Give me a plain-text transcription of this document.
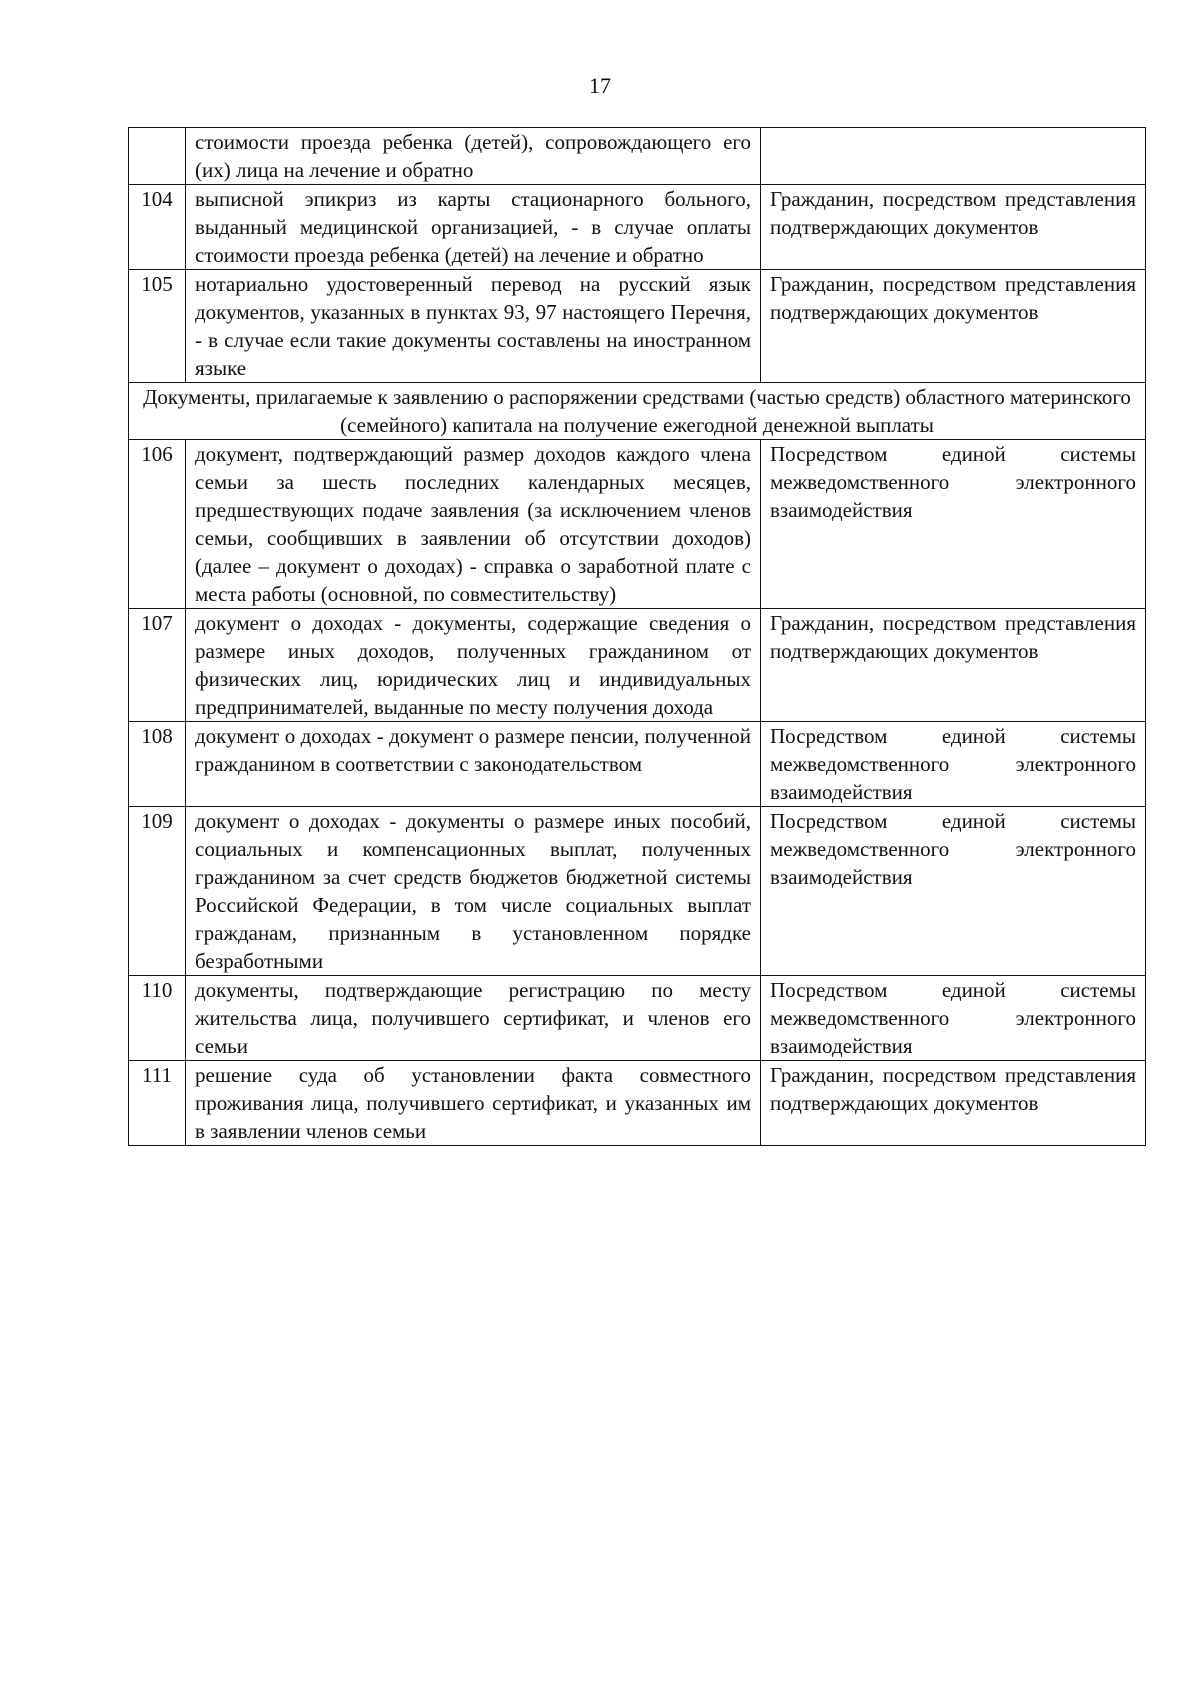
17
	стоимости проезда ребенка (детей), сопровождающего его (их) лица на лечение и обратно	
104	выписной эпикриз из карты стационарного больного, выданный медицинской организацией, - в случае оплаты стоимости проезда ребенка (детей) на лечение и обратно	Гражданин, посредством представления подтверждающих документов
105	нотариально удостоверенный перевод на русский язык документов, указанных в пунктах 93, 97 настоящего Перечня, - в случае если такие документы составлены на иностранном языке	Гражданин, посредством представления подтверждающих документов
Документы, прилагаемые к заявлению о распоряжении средствами (частью средств) областного материнского (семейного) капитала на получение ежегодной денежной выплаты		
106	документ, подтверждающий размер доходов каждого члена семьи за шесть последних календарных месяцев, предшествующих подаче заявления (за исключением членов семьи, сообщивших в заявлении об отсутствии доходов) (далее – документ о доходах) - справка о заработной плате с места работы (основной, по совместительству)	Посредством единой системы межведомственного электронного взаимодействия
107	документ о доходах - документы, содержащие сведения о размере иных доходов, полученных гражданином от физических лиц, юридических лиц и индивидуальных предпринимателей, выданные по месту получения дохода	Гражданин, посредством представления подтверждающих документов
108	документ о доходах - документ о размере пенсии, полученной гражданином в соответствии с законодательством	Посредством единой системы межведомственного электронного взаимодействия
109	документ о доходах - документы о размере иных пособий, социальных и компенсационных выплат, полученных гражданином за счет средств бюджетов бюджетной системы Российской Федерации, в том числе социальных выплат гражданам, признанным в установленном порядке безработными	Посредством единой системы межведомственного электронного взаимодействия
110	документы, подтверждающие регистрацию по месту жительства лица, получившего сертификат, и членов его семьи	Посредством единой системы межведомственного электронного взаимодействия
111	решение суда об установлении факта совместного проживания лица, получившего сертификат, и указанных им в заявлении членов семьи	Гражданин, посредством представления подтверждающих документов
